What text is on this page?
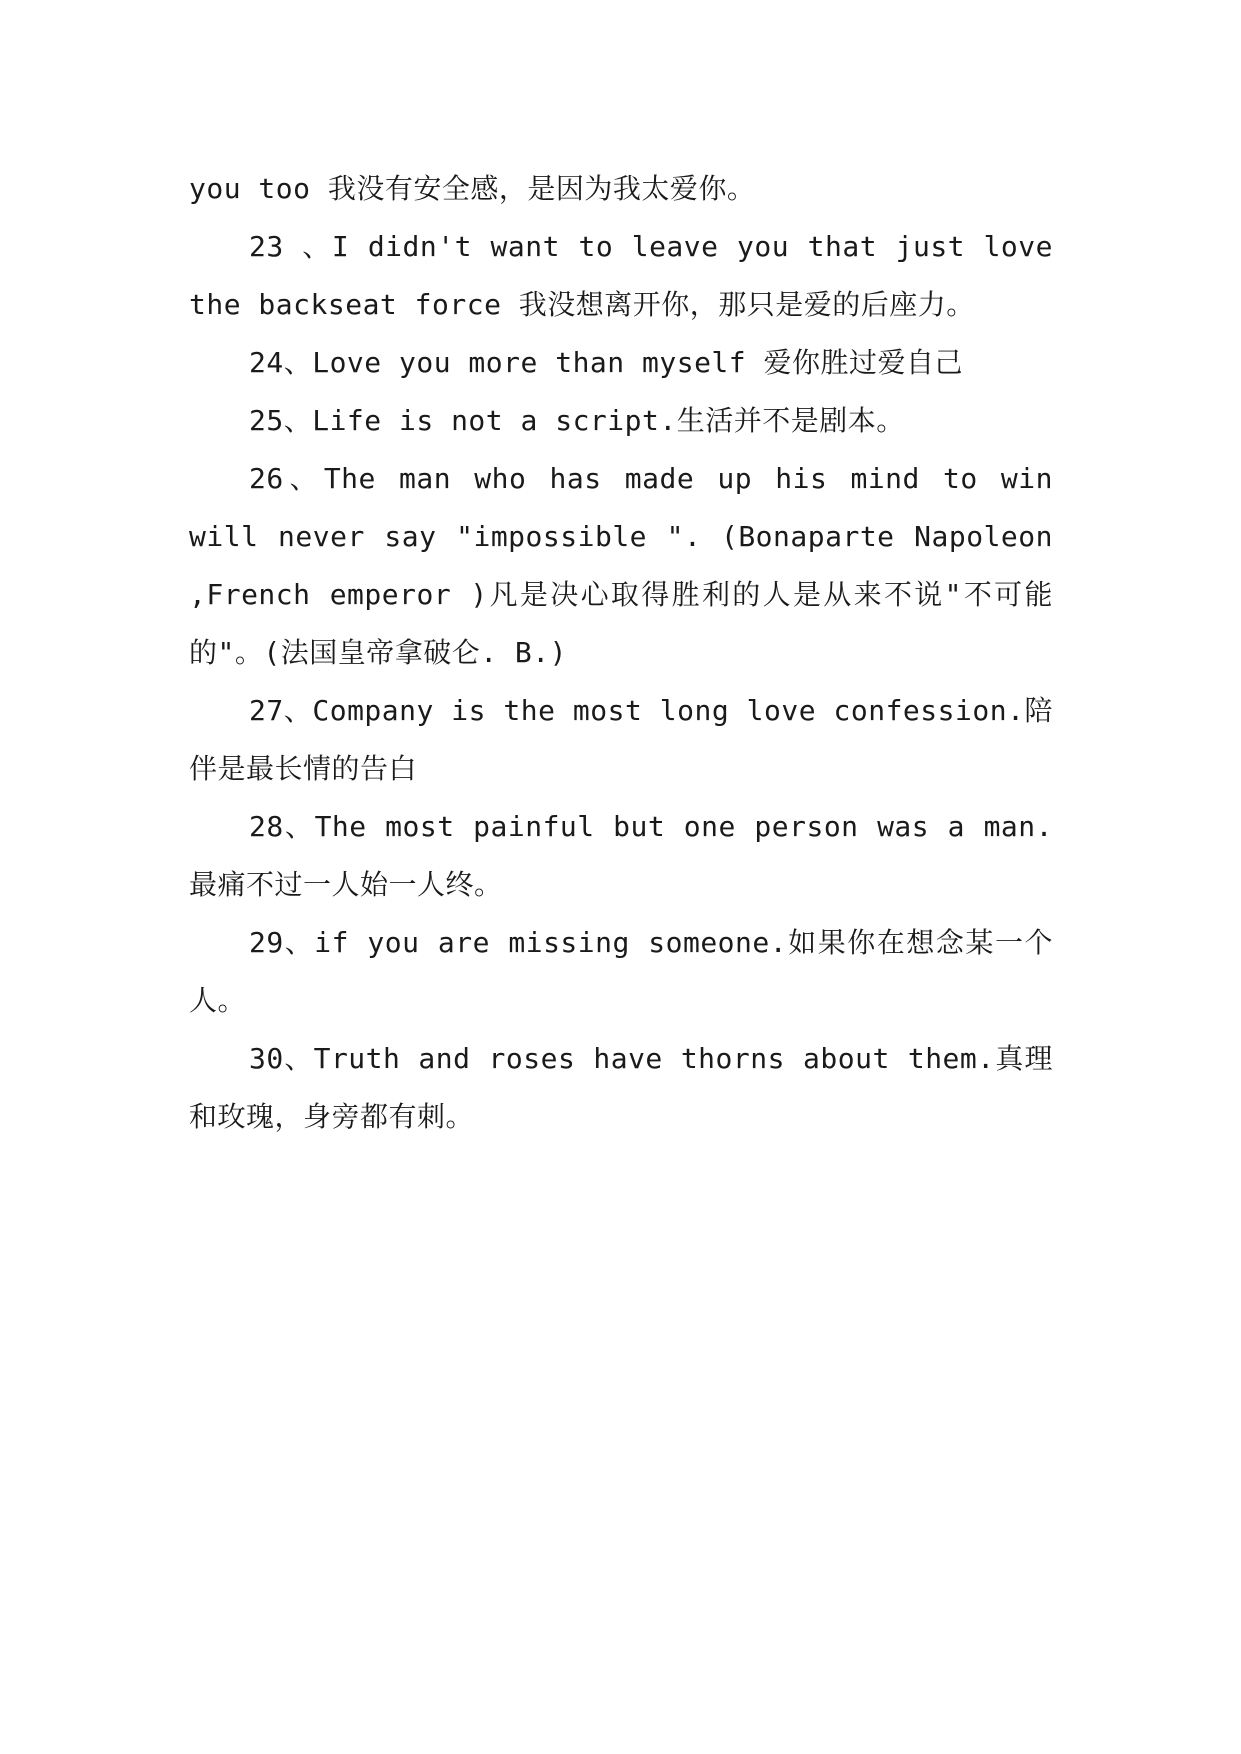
you too 我没有安全感，是因为我太爱你。

23 、I didn't want to leave you that just love the backseat force 我没想离开你，那只是爱的后座力。

24、Love you more than myself 爱你胜过爱自己

25、Life is not a script.生活并不是剧本。

26、The man who has made up his mind to win will never say "impossible ". (Bonaparte Napoleon ,French emperor )凡是决心取得胜利的人是从来不说"不可能的"。(法国皇帝拿破仑. B.)

27、Company is the most long love confession.陪伴是最长情的告白

28、The most painful but one person was a man.最痛不过一人始一人终。

29、if you are missing someone.如果你在想念某一个人。

30、Truth and roses have thorns about them.真理和玫瑰，身旁都有刺。
